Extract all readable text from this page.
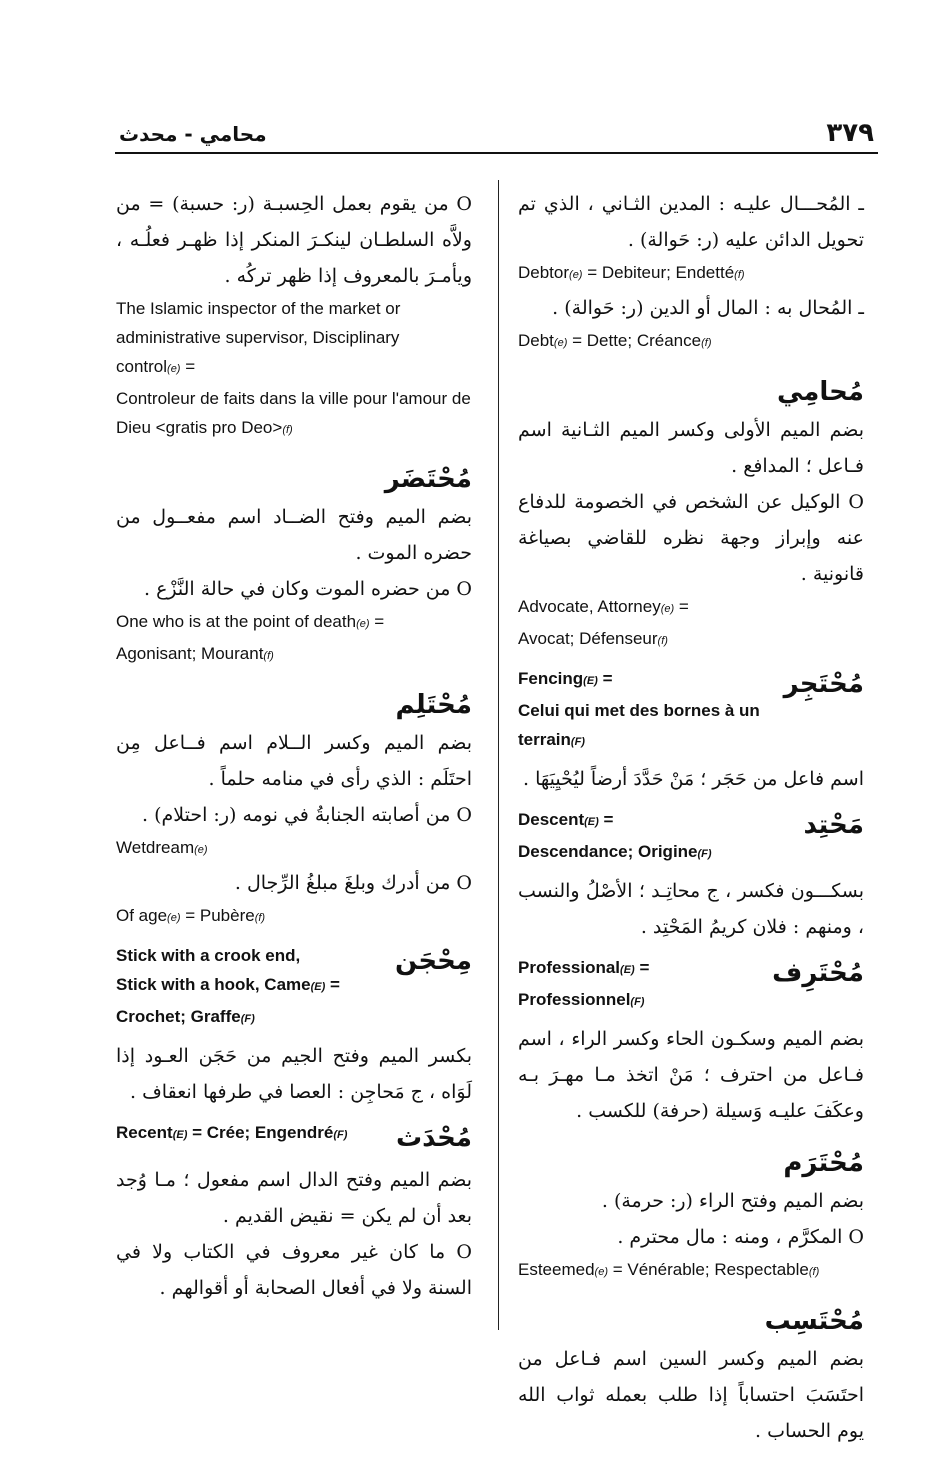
٣٧٩
محامي - محدث
ـ المُحـــال عليـه : المدين الثـاني ، الذي تم تحويل الدائن عليه (ر: حَوالة) .
Debtor(e) = Debiteur; Endetté(f)
ـ المُحال به : المال أو الدين (ر: حَوالة) .
Debt(e) = Dette; Créance(f)
مُحامِي
بضم الميم الأولى وكسر الميم الثـانية اسم فـاعل ؛ المدافع .
O الوكيل عن الشخص في الخصومة للدفاع عنه وإبراز وجهة نظره للقاضي بصياغة قانونية .
Advocate, Attorney(e) =
Avocat; Défenseur(f)
Fencing(E) =
Celui qui met des bornes à un terrain(F)
مُحْتَجِر
اسم فاعل من حَجَر ؛ مَنْ حَدَّدَ أرضاً ليُحْيِيَهَا .
Descent(E) =
Descendance; Origine(F)
مَحْتِد
بسكـــون فكسر ، ج محاتِـد ؛ الأصْلُ والنسب ، ومنهم : فلان كريمُ المَحْتِد .
Professional(E) =
Professionnel(F)
مُحْتَرِف
بضم الميم وسكـون الحاء وكسر الراء ، اسم فـاعل من احترف ؛ مَنْ اتخذ مـا مهـرَ بـه وعكَفَ عليـه وَسيلة (حرفة) للكسب .
مُحْتَرَم
بضم الميم وفتح الراء (ر: حرمة) .
O المكرَّم ، ومنه : مال محترم .
Esteemed(e) = Vénérable; Respectable(f)
مُحْتَسِب
بضم الميم وكسر السين اسم فـاعل من احتَسَبَ احتساباً إذا طلب بعمله ثواب الله يوم الحساب .
O من يقوم بعمل الحِسبـة (ر: حسبة) = من ولاَّه السلطـان لينكـرَ المنكر إذا ظهـر فعلُـه ، ويأمـرَ بالمعروف إذا ظهر تركُه .
The Islamic inspector of the market or administrative supervisor, Disciplinary
control(e) =
Controleur de faits dans la ville pour l'amour de Dieu <gratis pro Deo>(f)
مُحْتَضَر
بضم الميم وفتح الضــاد اسم مفعــول من حضره الموت .
O من حضره الموت وكان في حالة النَّزْع .
One who is at the point of death(e) =
Agonisant; Mourant(f)
مُحْتَلِم
بضم الميم وكسر الــلام اسم فــاعل مِن احتَلَم : الذي رأى في منامه حلماً .
O من أصابته الجنابةُ في نومه (ر: احتلام) .
Wetdream(e)
O من أدرك وبلغَ مبلغُ الرِّجال .
Of age(e) = Pubère(f)
Stick with a crook end,
Stick with a hook, Came(E) =
Crochet; Graffe(F)
مِحْجَن
بكسر الميم وفتح الجيم من حَجَن العـود إذا لَوَاه ، ج مَحاجِن : العصا في طرفها انعقاف .
Recent(E) = Crée; Engendré(F)	مُحْدَث
بضم الميم وفتح الدال اسم مفعول ؛ مـا وُجد بعد أن لم يكن = نقيض القديم .
O ما كان غير معروف في الكتاب ولا في السنة ولا في أفعال الصحابة أو أقوالهم .
